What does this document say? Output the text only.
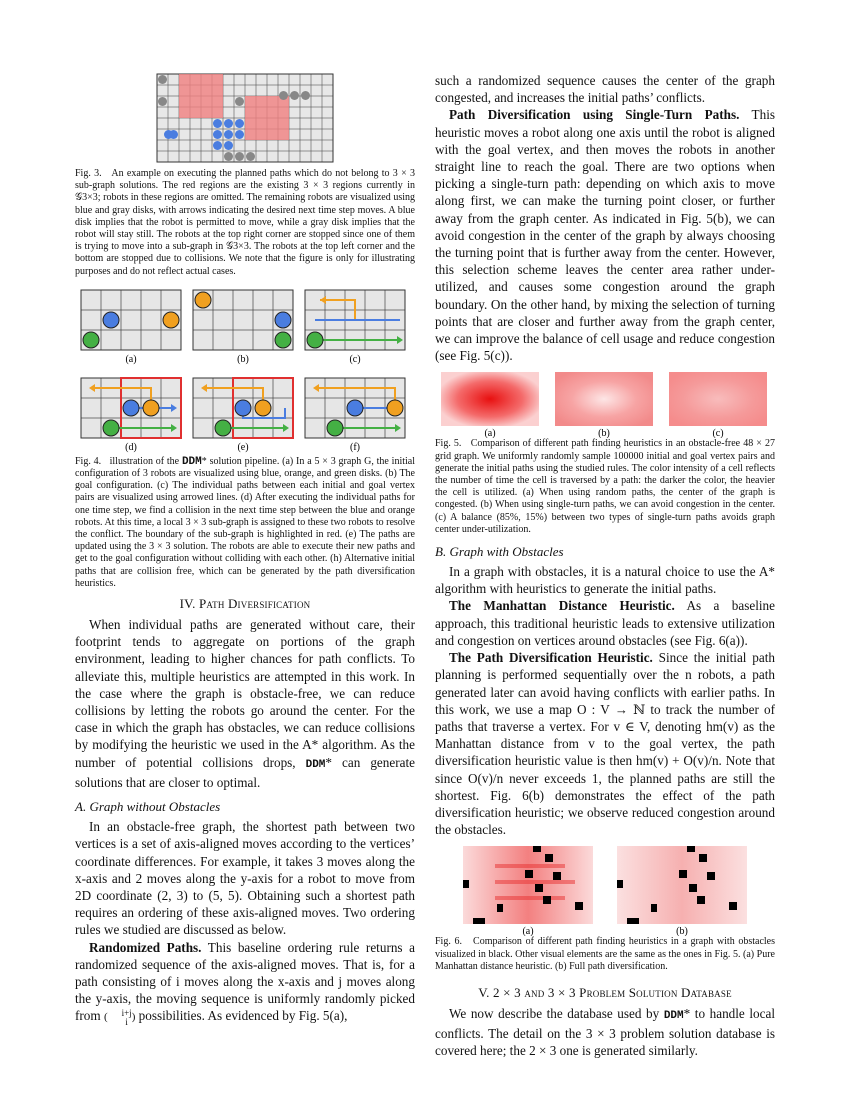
Fig. 3. An example on executing the planned paths which do not belong to 3 × 3 sub-graph solutions. The red regions are the existing 3 × 3 regions currently in 𝒢3×3; robots in these regions are omitted. The remaining robots are visualized using blue and gray disks, with arrows indicating the desired next time step moves. A blue disk implies that the robot is permitted to move, while a gray disk implies that the robot will stay still. The robots at the top right corner are stopped since one of them is trying to move into a sub-graph in 𝒢3×3. The robots at the top left corner and the bottom are stopped due to collisions. We note that the figure is only for illustrating purposes and do not reflect actual cases.

(a)	(b)	(c)
(d)	(e)	(f)

Fig. 4. illustration of the DDM* solution pipeline. (a) In a 5 × 3 graph G, the initial configuration of 3 robots are visualized using blue, orange, and green disks. (b) The goal configuration. (c) The individual paths between each initial and goal vertex pairs are visualized using arrowed lines. (d) After executing the individual paths for one time step, we find a collision in the next time step between the blue and orange robots. At this time, a local 3 × 3 sub-graph is assigned to these two robots to resolve the conflict. The boundary of the sub-graph is highlighted in red. (e) The paths are updated using the 3 × 3 solution. The robots are able to execute their new paths and get to the goal configuration without colliding with each other. (h) Alternative initial paths that are collision free, which can be generated by the path diversification heuristics.

IV. Path Diversification

When individual paths are generated without care, their footprint tends to aggregate on portions of the graph environment, leading to higher chances for path conflicts. To alleviate this, multiple heuristics are attempted in this work. In the case where the graph is obstacle-free, we can reduce collisions by letting the robots go around the center. For the case in which the graph has obstacles, we can reduce collisions by modifying the heuristic we used in the A* algorithm. As the number of potential collisions drops, DDM* can generate solutions that are closer to optimal.

A. Graph without Obstacles

In an obstacle-free graph, the shortest path between two vertices is a set of axis-aligned moves according to the vertices’ coordinate differences. For example, it takes 3 moves along the x-axis and 2 moves along the y-axis for a robot to move from 2D coordinate (2, 3) to (5, 5). Obtaining such a shortest path requires an ordering of these axis-aligned moves. Two ordering rules we studied are discussed as below.

Randomized Paths. This baseline ordering rule returns a randomized sequence of the axis-aligned moves. That is, for a path consisting of i moves along the x-axis and j moves along the y-axis, the moving sequence is uniformly randomly picked from (	i+j
i ) possibilities. As evidenced by Fig. 5(a),

such a randomized sequence causes the center of the graph congested, and increases the initial paths’ conflicts.

Path Diversification using Single-Turn Paths. This heuristic moves a robot along one axis until the robot is aligned with the goal vertex, and then moves the robots in another straight line to reach the goal. There are two options when picking a single-turn path: depending on which axis to move along first, we can make the turning point closer, or further away from the graph center. As indicated in Fig. 5(b), we can avoid congestion in the center of the graph by always choosing the turning point that is further away from the center. However, this selection scheme leaves the center area rather under-utilized, and causes some congestion around the graph boundary. On the other hand, by mixing the selection of turning points that are closer and further away from the graph center, we can improve the balance of cell usage and reduce congestion (see Fig. 5(c)).

(a)	(b)	(c)

Fig. 5. Comparison of different path finding heuristics in an obstacle-free 48 × 27 grid graph. We uniformly randomly sample 100000 initial and goal vertex pairs and generate the initial paths using the studied rules. The color intensity of a cell reflects the number of time the cell is traversed by a path: the darker the color, the heavier the cell is utilized. (a) When using random paths, the center of the graph is congested. (b) When using single-turn paths, we can avoid congestion in the center. (c) A balance (85%, 15%) between two types of single-turn paths avoids graph center under-utilization.

B. Graph with Obstacles

In a graph with obstacles, it is a natural choice to use the A* algorithm with heuristics to generate the initial paths.

The Manhattan Distance Heuristic. As a baseline approach, this traditional heuristic leads to extensive utilization and congestion on vertices around obstacles (see Fig. 6(a)).

The Path Diversification Heuristic. Since the initial path planning is performed sequentially over the n robots, a path generated later can avoid having conflicts with earlier paths. In this work, we use a map O : V → ℕ to track the number of paths that traverse a vertex. For v ∈ V, denoting hm(v) as the Manhattan distance from v to the goal vertex, the path diversification heuristic value is then hm(v) + O(v)/n. Note that since O(v)/n never exceeds 1, the planned paths are still the shortest. Fig. 6(b) demonstrates the effect of the path diversification heuristic; we observe reduced congestion around the obstacles.

(a)	(b)

Fig. 6. Comparison of different path finding heuristics in a graph with obstacles visualized in black. Other visual elements are the same as the ones in Fig. 5. (a) Pure Manhattan distance heuristic. (b) Full path diversification.

V. 2 × 3 and 3 × 3 Problem Solution Database

We now describe the database used by DDM* to handle local conflicts. The detail on the 3 × 3 problem solution database is covered here; the 2 × 3 one is generated similarly.
